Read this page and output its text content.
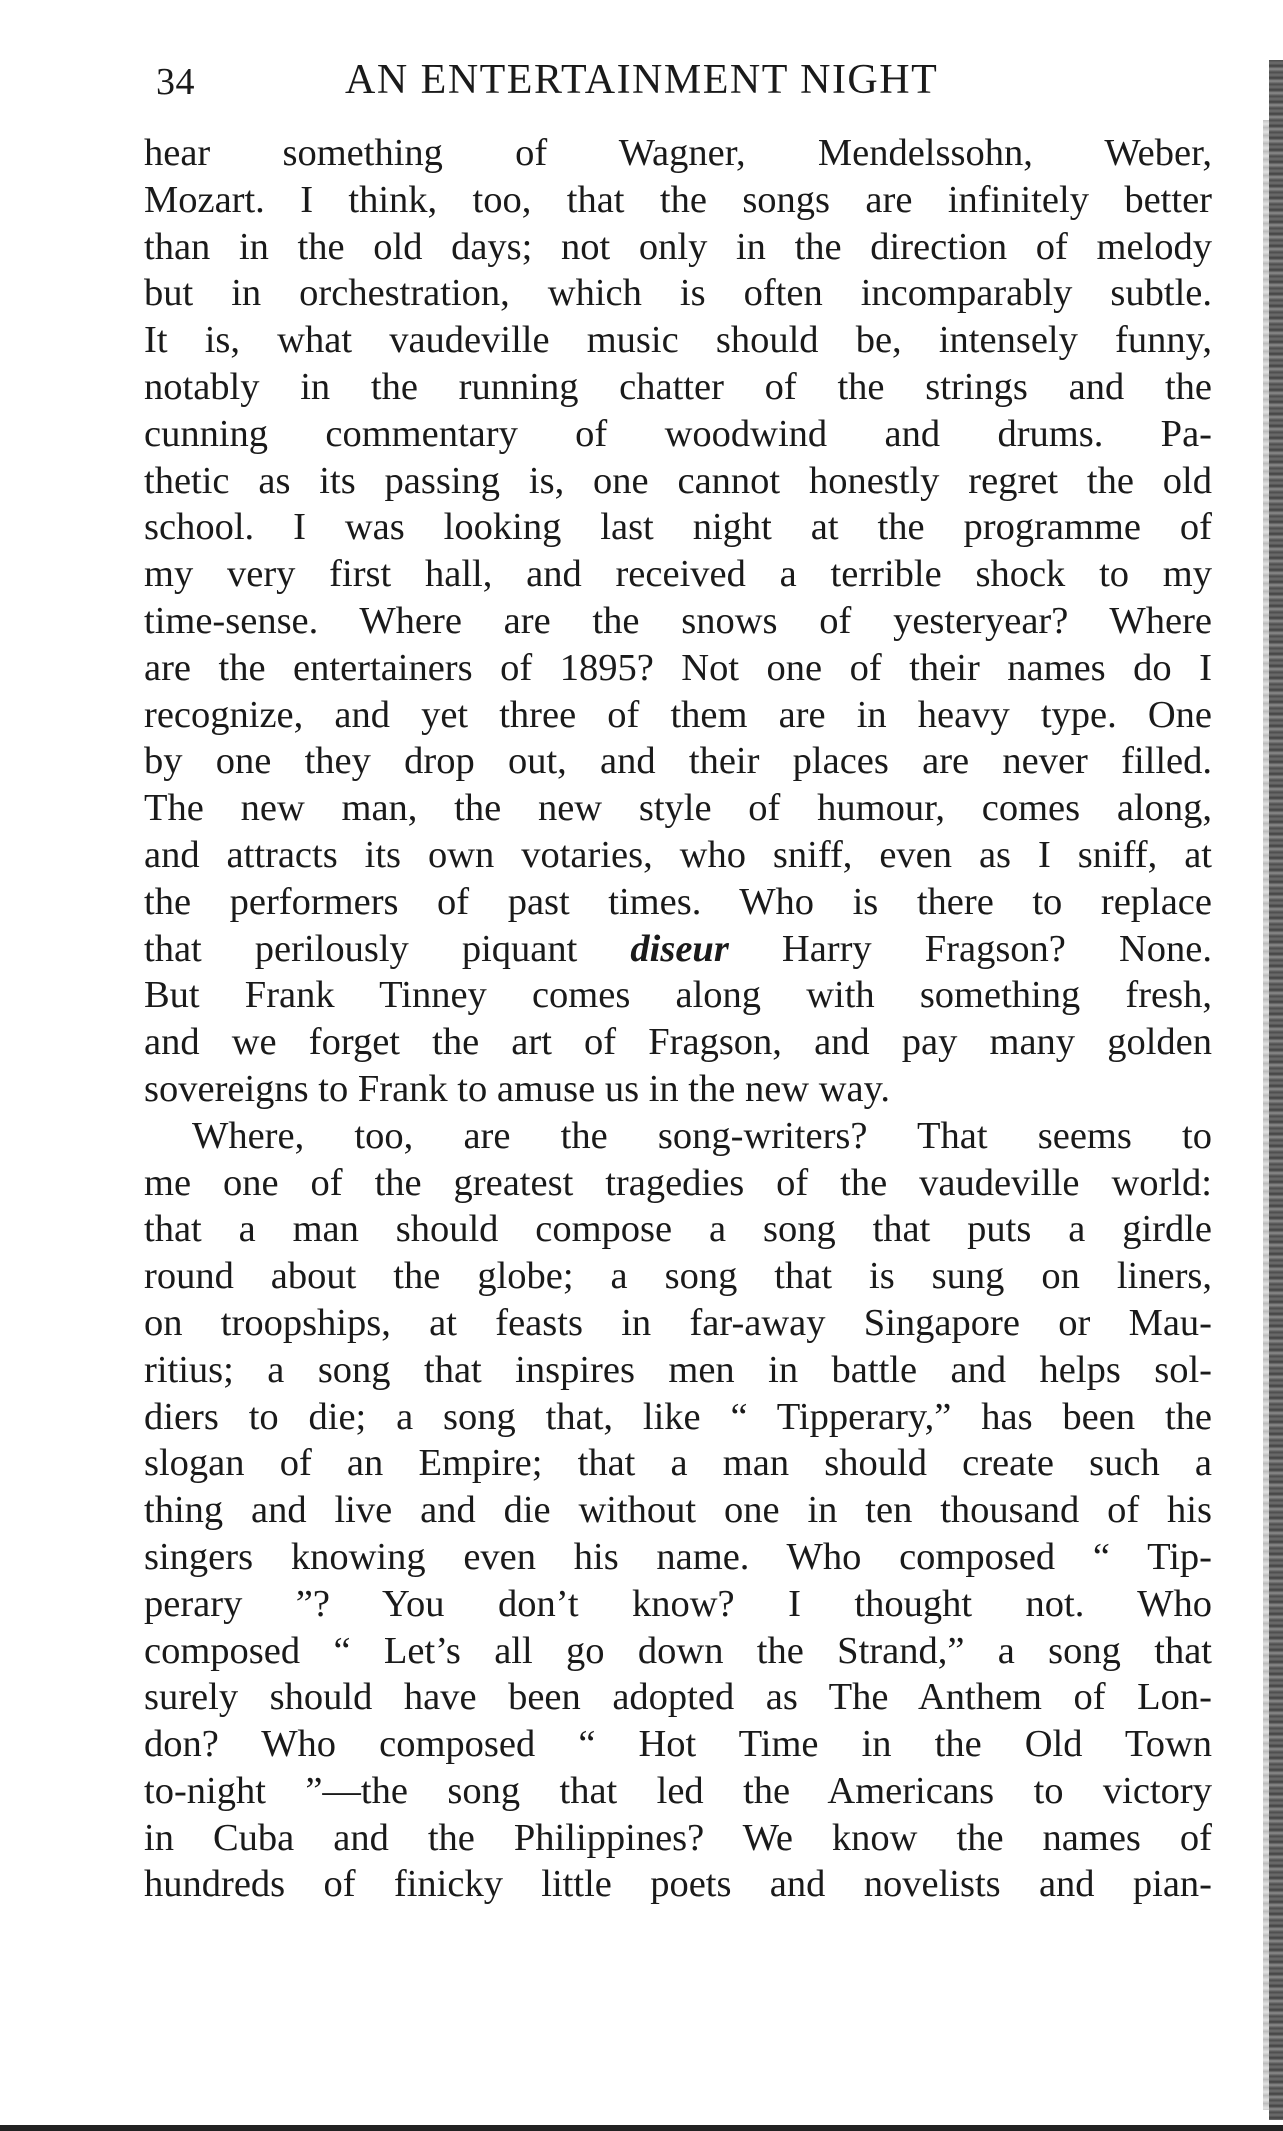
34	AN ENTERTAINMENT NIGHT
hear something of Wagner, Mendelssohn, Weber,
Mozart. I think, too, that the songs are infinitely better
than in the old days; not only in the direction of melody
but in orchestration, which is often incomparably subtle.
It is, what vaudeville music should be, intensely funny,
notably in the running chatter of the strings and the
cunning commentary of woodwind and drums. Pa-
thetic as its passing is, one cannot honestly regret the old
school. I was looking last night at the programme of
my very first hall, and received a terrible shock to my
time-sense. Where are the snows of yesteryear? Where
are the entertainers of 1895? Not one of their names do I
recognize, and yet three of them are in heavy type. One
by one they drop out, and their places are never filled.
The new man, the new style of humour, comes along,
and attracts its own votaries, who sniff, even as I sniff, at
the performers of past times. Who is there to replace
that perilously piquant diseur Harry Fragson? None.
But Frank Tinney comes along with something fresh,
and we forget the art of Fragson, and pay many golden
sovereigns to Frank to amuse us in the new way.
Where, too, are the song-writers? That seems to
me one of the greatest tragedies of the vaudeville world:
that a man should compose a song that puts a girdle
round about the globe; a song that is sung on liners,
on troopships, at feasts in far-away Singapore or Mau-
ritius; a song that inspires men in battle and helps sol-
diers to die; a song that, like “ Tipperary,” has been the
slogan of an Empire; that a man should create such a
thing and live and die without one in ten thousand of his
singers knowing even his name. Who composed “ Tip-
perary ”? You don’t know? I thought not. Who
composed “ Let’s all go down the Strand,” a song that
surely should have been adopted as The Anthem of Lon-
don? Who composed “ Hot Time in the Old Town
to-night ”—the song that led the Americans to victory
in Cuba and the Philippines? We know the names of
hundreds of finicky little poets and novelists and pian-
